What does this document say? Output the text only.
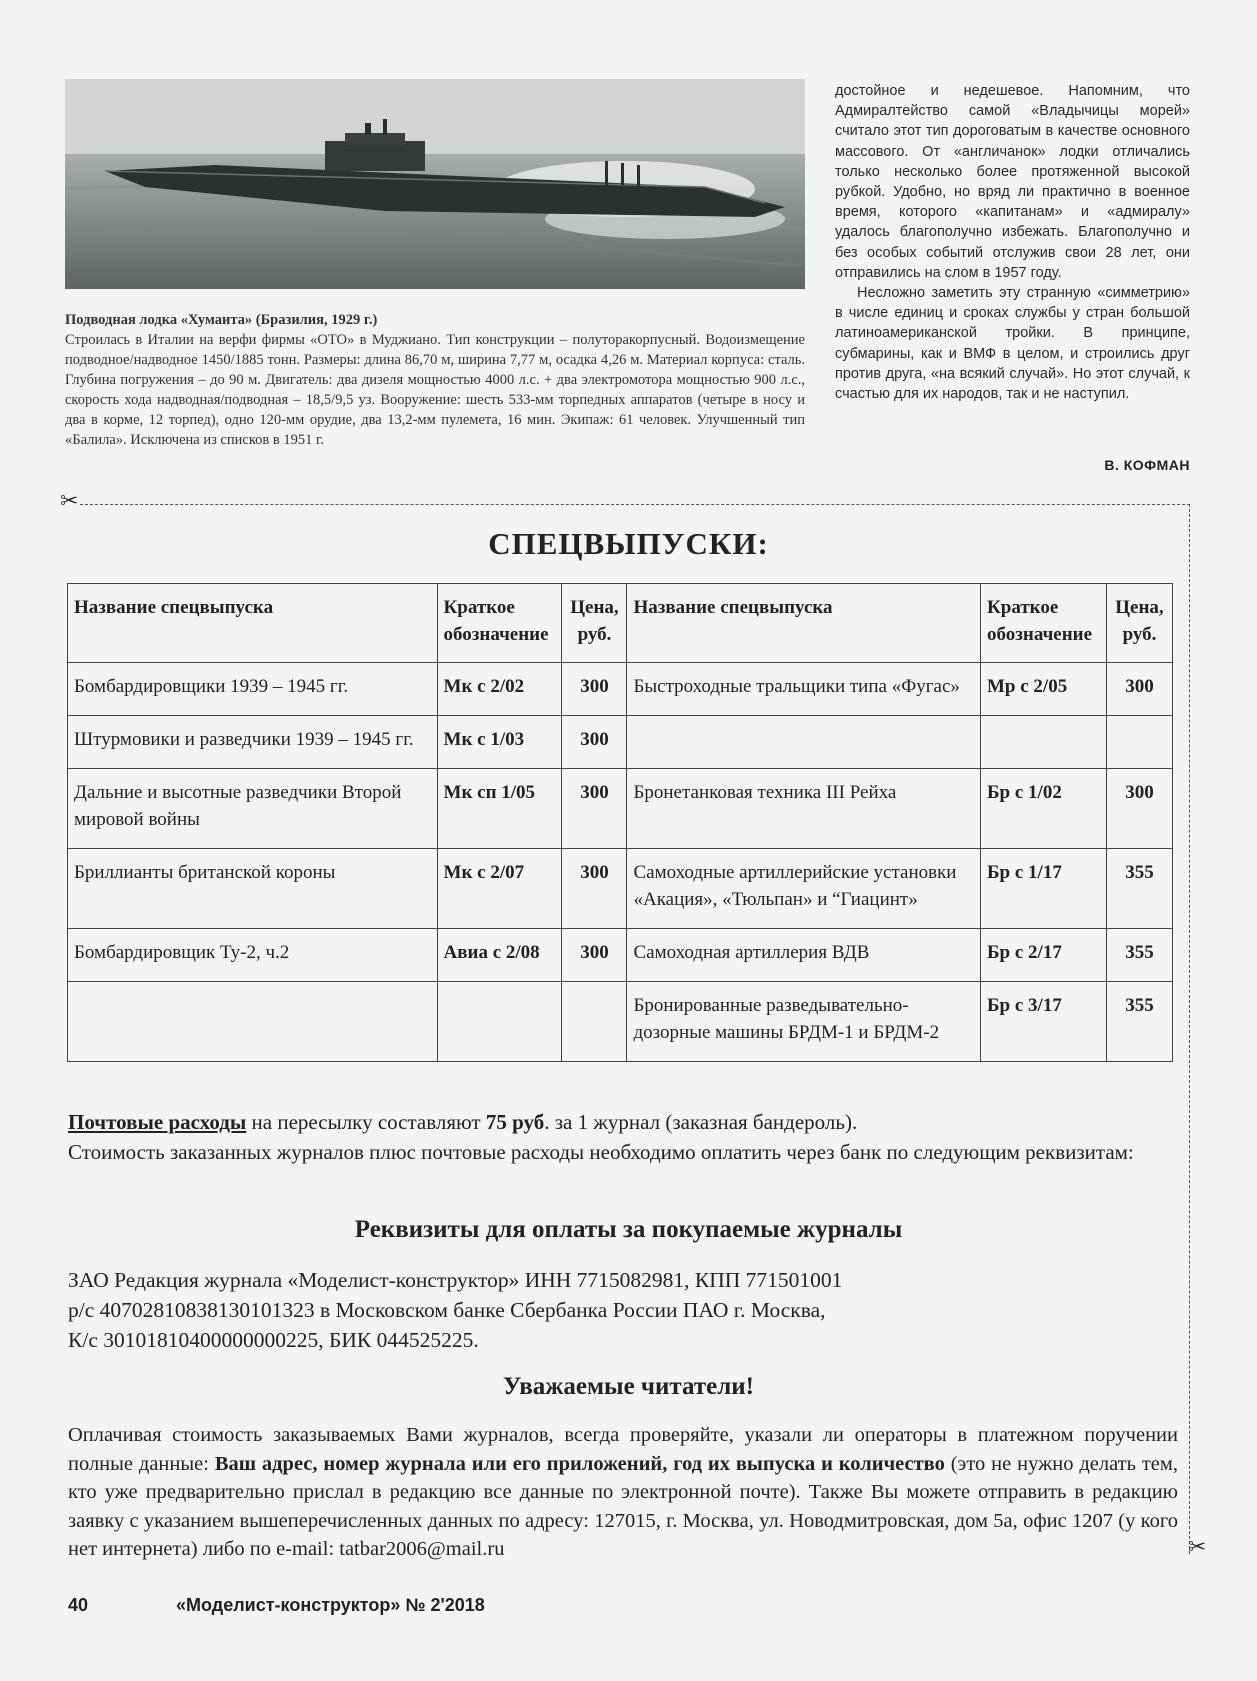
Подводная лодка «Хумаита» (Бразилия, 1929 г.)
Строилась в Италии на верфи фирмы «ОТО» в Муджиано. Тип конструкции – полуторакорпусный. Водоизмещение подводное/надводное 1450/1885 тонн. Размеры: длина 86,70 м, ширина 7,77 м, осадка 4,26 м. Материал корпуса: сталь. Глубина погружения – до 90 м. Двигатель: два дизеля мощностью 4000 л.с. + два электромотора мощностью 900 л.с., скорость хода надводная/подводная – 18,5/9,5 уз. Вооружение: шесть 533-мм торпедных аппаратов (четыре в носу и два в корме, 12 торпед), одно 120-мм орудие, два 13,2-мм пулемета, 16 мин. Экипаж: 61 человек. Улучшенный тип «Балила». Исключена из списков в 1951 г.

достойное и недешевое. Напомним, что Адмиралтейство самой «Владычицы морей» считало этот тип дороговатым в качестве основного массового. От «англичанок» лодки отличались только несколько более протяженной высокой рубкой. Удобно, но вряд ли практично в военное время, которого «капитанам» и «адмиралу» удалось благополучно избежать. Благополучно и без особых событий отслужив свои 28 лет, они отправились на слом в 1957 году.

Несложно заметить эту странную «симметрию» в числе единиц и сроках службы у стран большой латиноамериканской тройки. В принципе, субмарины, как и ВМФ в целом, и строились друг против друга, «на всякий случай». Но этот случай, к счастью для их народов, так и не наступил.

В. КОФМАН
✂
СПЕЦВЫПУСКИ:
Название спецвыпуска	Краткое обозначение	Цена, руб.	Название спецвыпуска	Краткое обозначение	Цена, руб.
Бомбардировщики 1939 – 1945 гг.	Мк с 2/02	300	Быстроходные тральщики типа «Фугас»	Мр с 2/05	300
Штурмовики и разведчики 1939 – 1945 гг.	Мк с 1/03	300			
Дальние и высотные разведчики Второй мировой войны	Мк сп 1/05	300	Бронетанковая техника III Рейха	Бр с 1/02	300
Бриллианты британской короны	Мк с 2/07	300	Самоходные артиллерийские установки «Акация», «Тюльпан» и “Гиацинт»	Бр с 1/17	355
Бомбардировщик Ту-2, ч.2	Авиа с 2/08	300	Самоходная артиллерия ВДВ	Бр с 2/17	355
			Бронированные разведывательно-дозорные машины БРДМ-1 и БРДМ-2	Бр с 3/17	355
Почтовые расходы на пересылку составляют 75 руб. за 1 журнал (заказная бандероль).
Стоимость заказанных журналов плюс почтовые расходы необходимо оплатить через банк по следующим реквизитам:
Реквизиты для оплаты за покупаемые журналы
ЗАО Редакция журнала «Моделист-конструктор» ИНН 7715082981, КПП 771501001
р/с 40702810838130101323 в Московском банке Сбербанка России ПАО г. Москва,
К/с 30101810400000000225, БИК 044525225.
Уважаемые читатели!
Оплачивая стоимость заказываемых Вами журналов, всегда проверяйте, указали ли операторы в платежном поручении полные данные: Ваш адрес, номер журнала или его приложений, год их выпуска и количество (это не нужно делать тем, кто уже предварительно прислал в редакцию все данные по электронной почте). Также Вы можете отправить в редакцию заявку с указанием вышеперечисленных данных по адресу: 127015, г. Москва, ул. Новодмитровская, дом 5а, офис 1207 (у кого нет интернета) либо по e-mail: tatbar2006@mail.ru	✂
40	«Моделист-конструктор» № 2'2018
